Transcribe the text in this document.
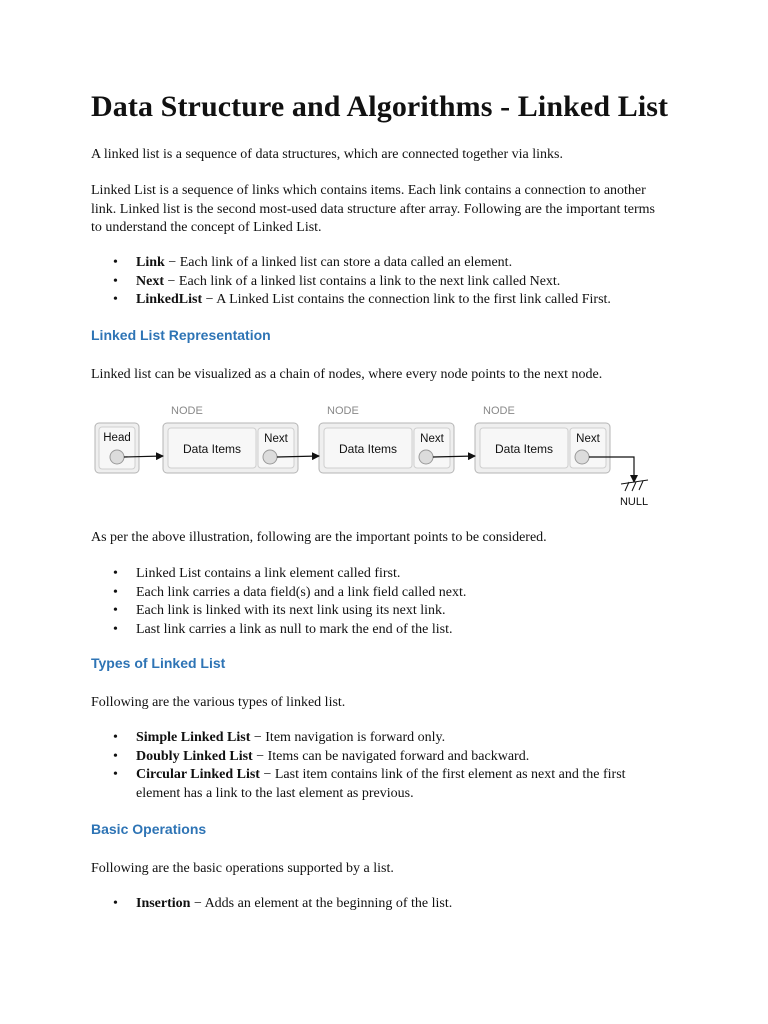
Data Structure and Algorithms - Linked List

A linked list is a sequence of data structures, which are connected together via links.

Linked List is a sequence of links which contains items. Each link contains a connection to another link. Linked list is the second most-used data structure after array. Following are the important terms to understand the concept of Linked List.

• Link − Each link of a linked list can store a data called an element.
• Next − Each link of a linked list contains a link to the next link called Next.
• LinkedList − A Linked List contains the connection link to the first link called First.
Linked List Representation

Linked list can be visualized as a chain of nodes, where every node points to the next node.

As per the above illustration, following are the important points to be considered.

• Linked List contains a link element called first.
• Each link carries a data field(s) and a link field called next.
• Each link is linked with its next link using its next link.
• Last link carries a link as null to mark the end of the list.
Types of Linked List

Following are the various types of linked list.

• Simple Linked List − Item navigation is forward only.
• Doubly Linked List − Items can be navigated forward and backward.
• Circular Linked List − Last item contains link of the first element as next and the first element has a link to the last element as previous.
Basic Operations

Following are the basic operations supported by a list.

• Insertion − Adds an element at the beginning of the list.
Head
NODE
Data Items
Next
NODE
Data Items
Next
NODE
Data Items
Next
NULL
